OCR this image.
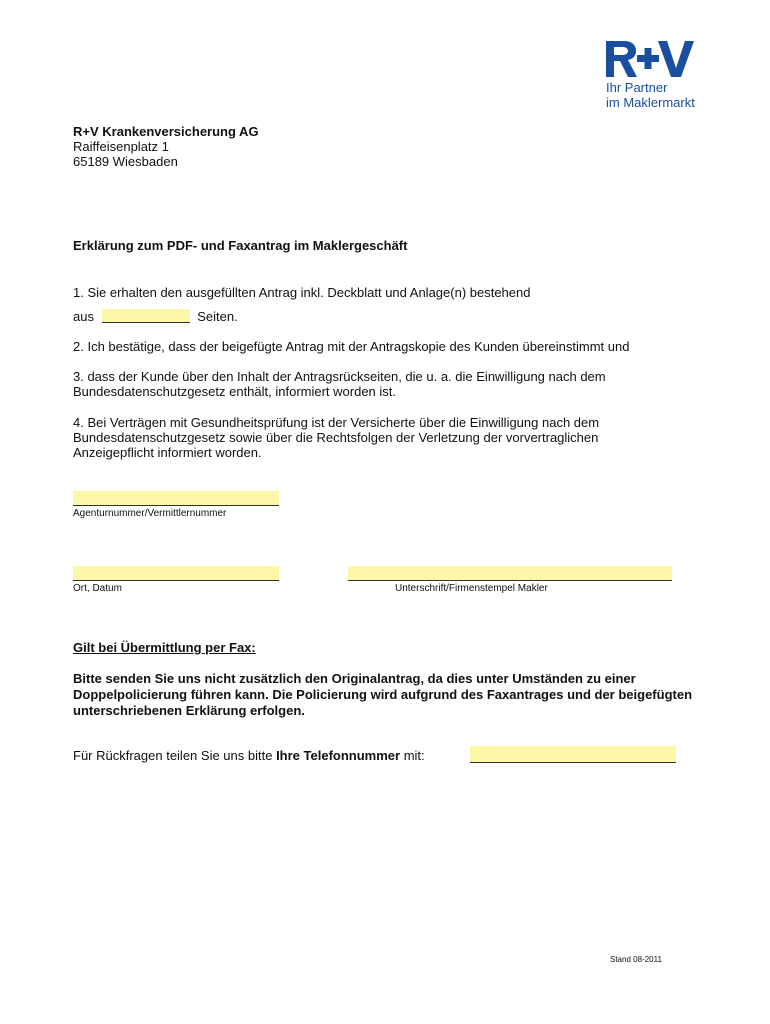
Ihr Partner
im Maklermarkt
R+V Krankenversicherung AG
Raiffeisenplatz 1
65189 Wiesbaden
Erklärung zum PDF- und Faxantrag im Maklergeschäft
1. Sie erhalten den ausgefüllten Antrag inkl. Deckblatt und Anlage(n) bestehend
aus	Seiten.
2. Ich bestätige, dass der beigefügte Antrag mit der Antragskopie des Kunden übereinstimmt und
3. dass der Kunde über den Inhalt der Antragsrückseiten, die u. a. die Einwilligung nach dem Bundesdatenschutzgesetz enthält, informiert worden ist.
4. Bei Verträgen mit Gesundheitsprüfung ist der Versicherte über die Einwilligung nach dem Bundesdatenschutzgesetz sowie über die Rechtsfolgen der Verletzung der vorvertraglichen Anzeigepflicht informiert worden.
Agenturnummer/Vermittlernummer
Ort, Datum	Unterschrift/Firmenstempel Makler
Gilt bei Übermittlung per Fax:
Bitte senden Sie uns nicht zusätzlich den Originalantrag, da dies unter Umständen zu einer Doppelpolicierung führen kann. Die Policierung wird aufgrund des Faxantrages und der beigefügten unterschriebenen Erklärung erfolgen.
Für Rückfragen teilen Sie uns bitte Ihre Telefonnummer mit:
Stand 08-2011
